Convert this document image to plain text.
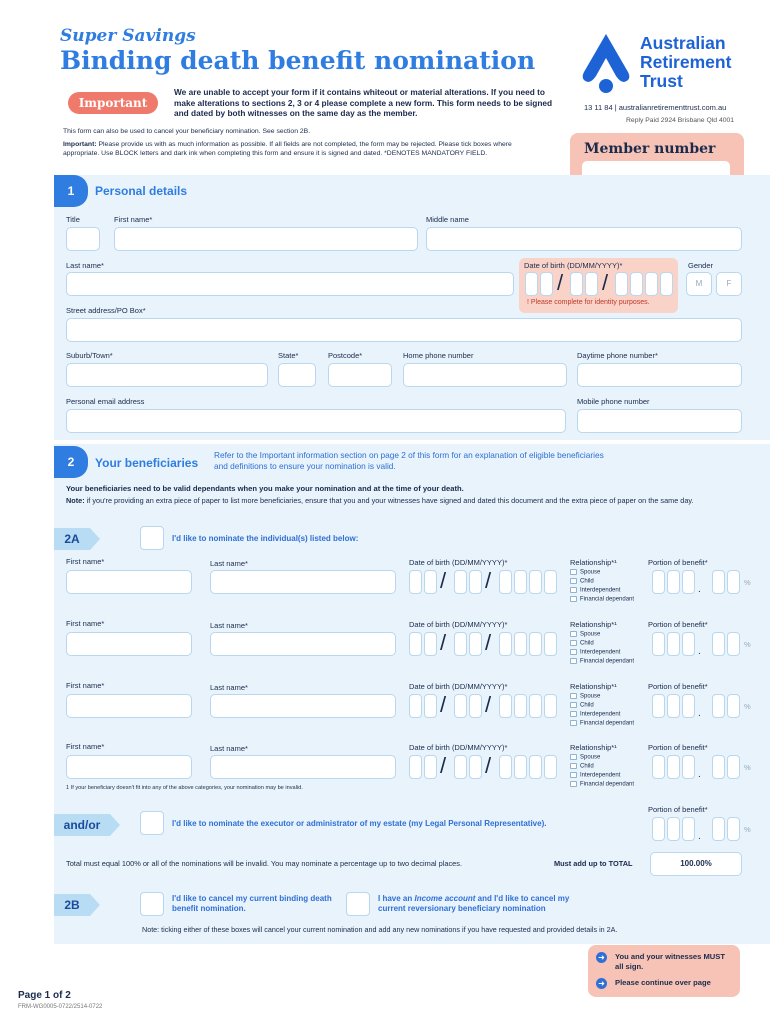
Super Savings
Binding death benefit nomination
Important
We are unable to accept your form if it contains whiteout or material alterations. If you need to make alterations to sections 2, 3 or 4 please complete a new form. This form needs to be signed and dated by both witnesses on the same day as the member.
This form can also be used to cancel your beneficiary nomination. See section 2B.
Important: Please provide us with as much information as possible. If all fields are not completed, the form may be rejected. Please tick boxes where appropriate. Use BLOCK letters and dark ink when completing this form and ensure it is signed and dated. *DENOTES MANDATORY FIELD.
Australian
Retirement
Trust
13 11 84 | australianretirementtrust.com.au
Reply Paid 2924 Brisbane Qld 4001
Member number
1	Personal details
Title	First name*	Middle name
Last name*	Date of birth (DD/MM/YYYY)*
/ /
! Please complete for identity purposes.
Gender
M	F
Street address/PO Box*
Suburb/Town*	State*	Postcode*	Home phone number	Daytime phone number*
Personal email address	Mobile phone number
2	Your beneficiaries
Refer to the Important information section on page 2 of this form for an explanation of eligible beneficiaries and definitions to ensure your nomination is valid.
Your beneficiaries need to be valid dependants when you make your nomination and at the time of your death.
Note: if you're providing an extra piece of paper to list more beneficiaries, ensure that you and your witnesses have signed and dated this document and the extra piece of paper on the same day.
2A	I'd like to nominate the individual(s) listed below:
First name*	Last name*	Date of birth (DD/MM/YYYY)*
/ /
Relationship*¹
Spouse
Child
Interdependent
Financial dependant
Portion of benefit*
.
%
First name*	Last name*	Date of birth (DD/MM/YYYY)*
/ /
Relationship*¹
Spouse
Child
Interdependent
Financial dependant
Portion of benefit*
.
%
First name*	Last name*	Date of birth (DD/MM/YYYY)*
/ /
Relationship*¹
Spouse
Child
Interdependent
Financial dependant
Portion of benefit*
.
%
First name*	Last name*	Date of birth (DD/MM/YYYY)*
/ /
Relationship*¹
Spouse
Child
Interdependent
Financial dependant
Portion of benefit*
.
%
1 If your beneficiary doesn't fit into any of the above categories, your nomination may be invalid.
Portion of benefit*
and/or	I'd like to nominate the executor or administrator of my estate (my Legal Personal Representative).
.
%
Total must equal 100% or all of the nominations will be invalid. You may nominate a percentage up to two decimal places.	Must add up to TOTAL	100.00%
2B	I'd like to cancel my current binding death benefit nomination.
I have an Income account and I'd like to cancel my current reversionary beneficiary nomination
Note: ticking either of these boxes will cancel your current nomination and add any new nominations if you have requested and provided details in 2A.
➜ You and your witnesses MUST all sign.
➜ Please continue over page
Page 1 of 2
FRM-WG0005-0722/2514-0722
